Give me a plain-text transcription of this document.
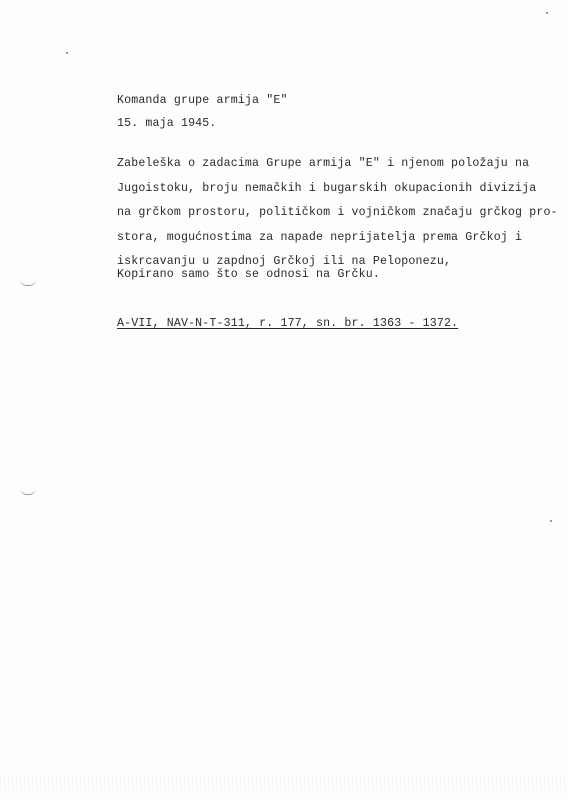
Komanda grupe armija "E"
15. maja 1945.
Zabeleška o zadacima Grupe armija "E" i njenom položaju na
Jugoistoku, broju nemačkih i bugarskih okupacionih divizija
na grčkom prostoru, političkom i vojničkom značaju grčkog pro-
stora, mogućnostima za napade neprijatelja prema Grčkoj i
iskrcavanju u zapdnoj Grčkoj ili na Peloponezu,
Kopirano samo što se odnosi na Grčku.
A-VII, NAV-N-T-311, r. 177, sn. br. 1363 - 1372.
